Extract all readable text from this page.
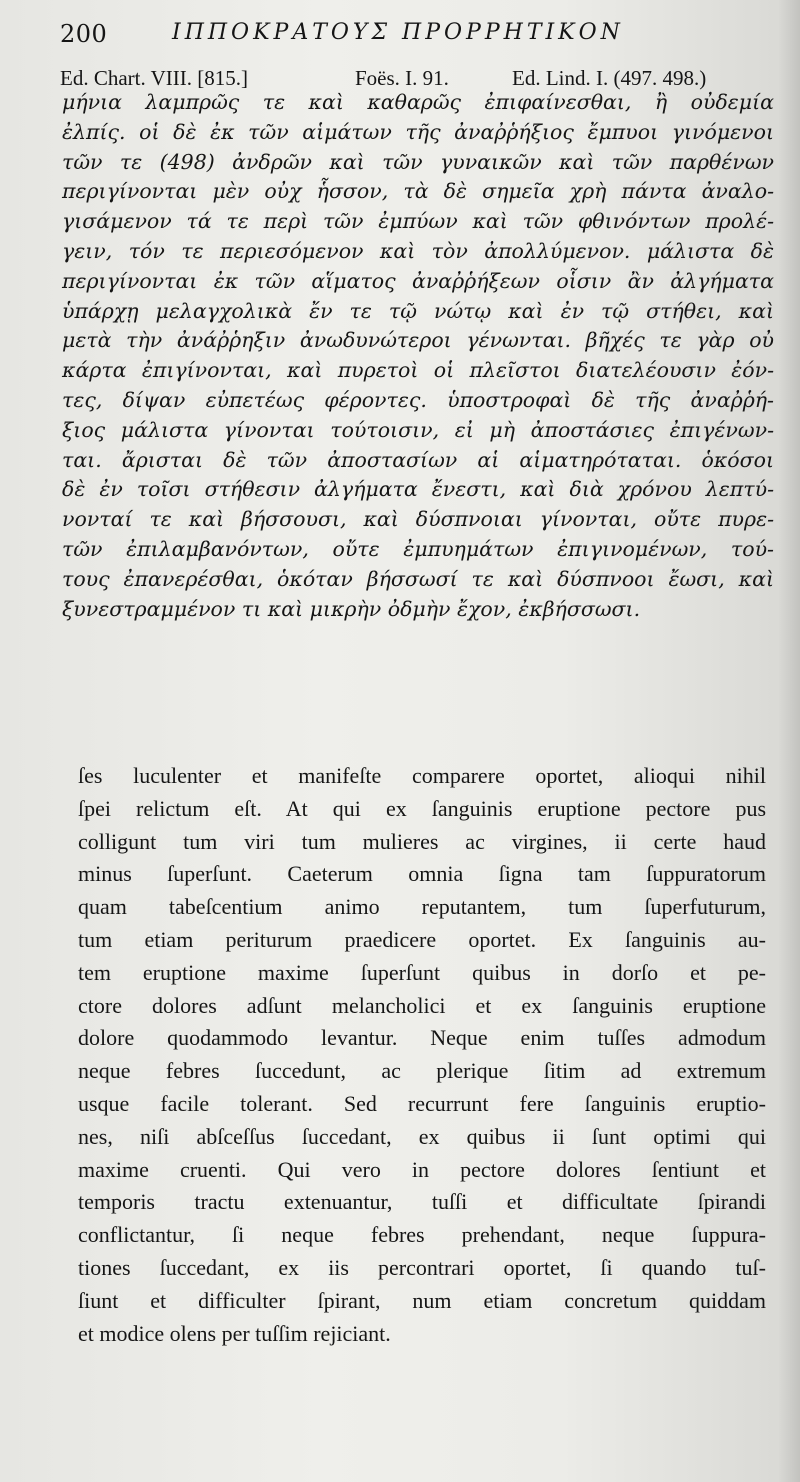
200	ΙΠΠΟΚΡΑΤΟΥΣ ΠΡΟΡΡΗΤΙΚΟΝ
Ed. Chart. VIII. [815.]	Foës. I. 91.	Ed. Lind. I. (497. 498.)
μήνια λαμπρῶς τε καὶ καθαρῶς ἐπιφαίνεσθαι, ἢ οὐδεμία
ἐλπίς. οἱ δὲ ἐκ τῶν αἱμάτων τῆς ἀναῤῥήξιος ἔμπυοι γινόμενοι
τῶν τε (498) ἀνδρῶν καὶ τῶν γυναικῶν καὶ τῶν παρθένων
περιγίνονται μὲν οὐχ ἧσσον, τὰ δὲ σημεῖα χρὴ πάντα ἀναλο-
γισάμενον τά τε περὶ τῶν ἐμπύων καὶ τῶν φθινόντων προλέ-
γειν, τόν τε περιεσόμενον καὶ τὸν ἀπολλύμενον. μάλιστα δὲ
περιγίνονται ἐκ τῶν αἵματος ἀναῤῥήξεων οἷσιν ἂν ἀλγήματα
ὑπάρχῃ μελαγχολικὰ ἔν τε τῷ νώτῳ καὶ ἐν τῷ στήθει, καὶ
μετὰ τὴν ἀνάῤῥηξιν ἀνωδυνώτεροι γένωνται. βῆχές τε γὰρ οὐ
κάρτα ἐπιγίνονται, καὶ πυρετοὶ οἱ πλεῖστοι διατελέουσιν ἐόν-
τες, δίψαν εὐπετέως φέροντες. ὑποστροφαὶ δὲ τῆς ἀναῤῥή-
ξιος μάλιστα γίνονται τούτοισιν, εἰ μὴ ἀποστάσιες ἐπιγένων-
ται. ἄρισται δὲ τῶν ἀποστασίων αἱ αἱματηρόταται. ὁκόσοι
δὲ ἐν τοῖσι στήθεσιν ἀλγήματα ἔνεστι, καὶ διὰ χρόνου λεπτύ-
νονταί τε καὶ βήσσουσι, καὶ δύσπνοιαι γίνονται, οὔτε πυρε-
τῶν ἐπιλαμβανόντων, οὔτε ἐμπυημάτων ἐπιγινομένων, τού-
τους ἐπανερέσθαι, ὁκόταν βήσσωσί τε καὶ δύσπνοοι ἔωσι, καὶ
ξυνεστραμμένον τι καὶ μικρὴν ὀδμὴν ἔχον, ἐκβήσσωσι.
ſes luculenter et manifeſte comparere oportet, alioqui nihil
ſpei relictum eſt. At qui ex ſanguinis eruptione pectore pus
colligunt tum viri tum mulieres ac virgines, ii certe haud
minus ſuperſunt. Caeterum omnia ſigna tam ſuppuratorum
quam tabeſcentium animo reputantem, tum ſuperfuturum,
tum etiam periturum praedicere oportet. Ex ſanguinis au-
tem eruptione maxime ſuperſunt quibus in dorſo et pe-
ctore dolores adſunt melancholici et ex ſanguinis eruptione
dolore quodammodo levantur. Neque enim tuſſes admodum
neque febres ſuccedunt, ac plerique ſitim ad extremum
usque facile tolerant. Sed recurrunt fere ſanguinis eruptio-
nes, niſi abſceſſus ſuccedant, ex quibus ii ſunt optimi qui
maxime cruenti. Qui vero in pectore dolores ſentiunt et
temporis tractu extenuantur, tuſſi et difficultate ſpirandi
conflictantur, ſi neque febres prehendant, neque ſuppura-
tiones ſuccedant, ex iis percontrari oportet, ſi quando tuſ-
ſiunt et difficulter ſpirant, num etiam concretum quiddam
et modice olens per tuſſim rejiciant.
